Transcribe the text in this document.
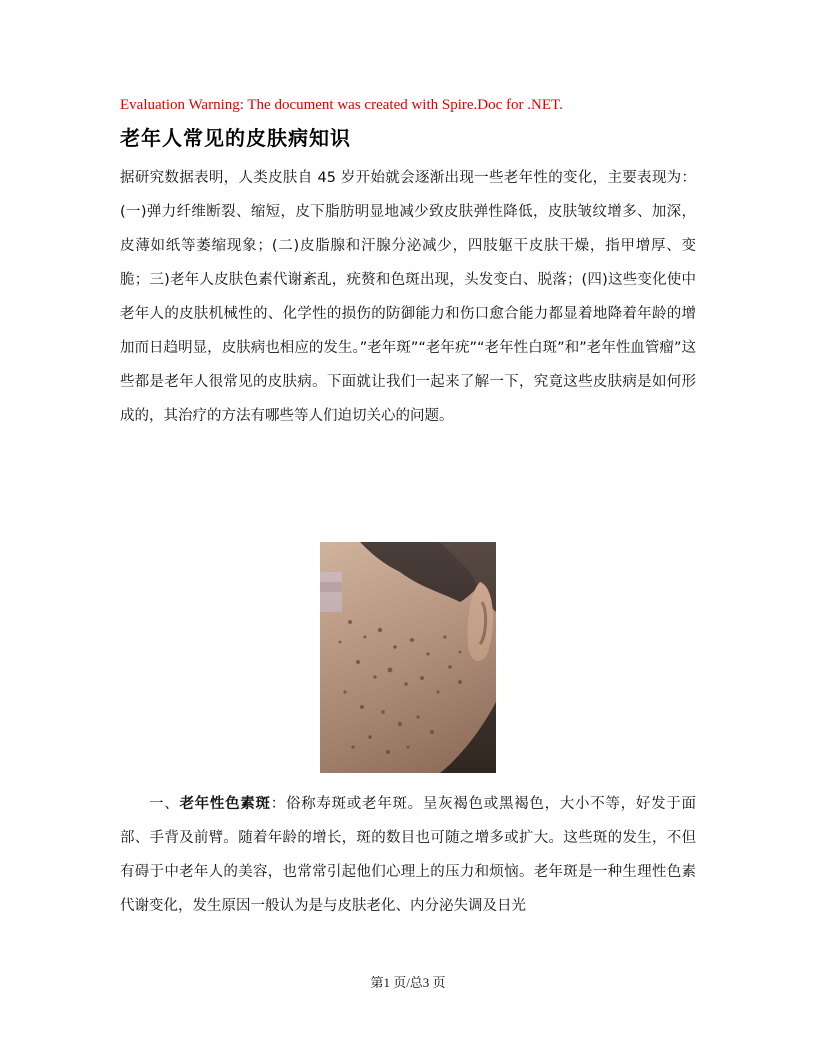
Evaluation Warning: The document was created with Spire.Doc for .NET.
老年人常见的皮肤病知识

据研究数据表明，人类皮肤自 45 岁开始就会逐渐出现一些老年性的变化，主要表现为：(一)弹力纤维断裂、缩短，皮下脂肪明显地减少致皮肤弹性降低，皮肤皱纹增多、加深，皮薄如纸等萎缩现象；(二)皮脂腺和汗腺分泌减少，四肢躯干皮肤干燥，指甲增厚、变脆；三)老年人皮肤色素代谢紊乱，疣赘和色斑出现，头发变白、脱落；(四)这些变化使中老年人的皮肤机械性的、化学性的损伤的防御能力和伤口愈合能力都显着地降着年龄的增加而日趋明显，皮肤病也相应的发生。”老年斑”“老年疣”“老年性白斑”和”老年性血管瘤”这些都是老年人很常见的皮肤病。下面就让我们一起来了解一下，究竟这些皮肤病是如何形成的，其治疗的方法有哪些等人们迫切关心的问题。

一、老年性色素斑：俗称寿斑或老年斑。呈灰褐色或黑褐色，大小不等，好发于面部、手背及前臂。随着年龄的增长，斑的数目也可随之增多或扩大。这些斑的发生，不但有碍于中老年人的美容，也常常引起他们心理上的压力和烦恼。老年斑是一种生理性色素代谢变化，发生原因一般认为是与皮肤老化、内分泌失调及日光

第1 页/总3 页
